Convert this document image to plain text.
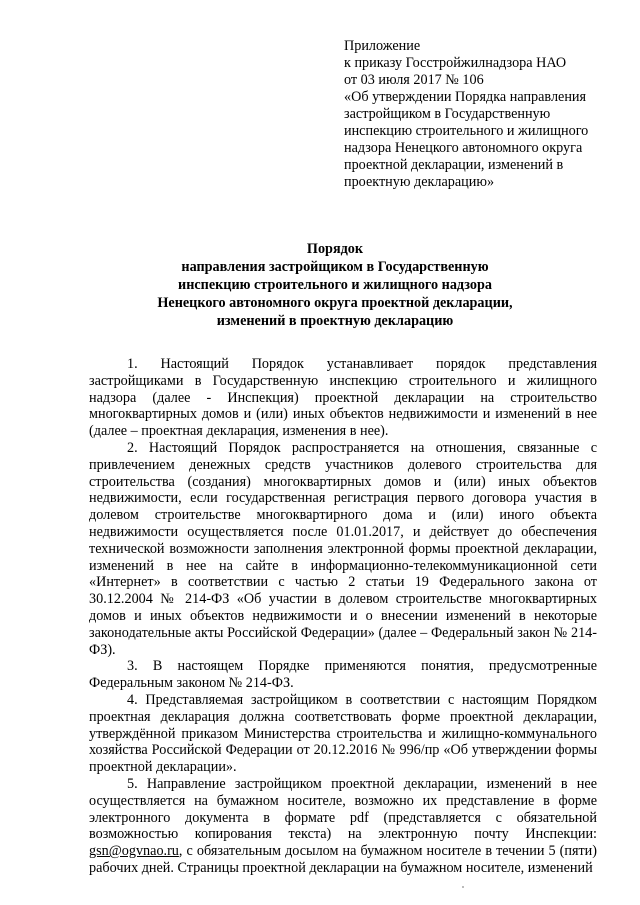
Приложение
к приказу Госстройжилнадзора НАО
от 03 июля 2017 № 106
«Об утверждении Порядка направления
застройщиком в Государственную
инспекцию строительного и жилищного
надзора Ненецкого автономного округа
проектной декларации, изменений в
проектную декларацию»
Порядок
направления застройщиком в Государственную
инспекцию строительного и жилищного надзора
Ненецкого автономного округа проектной декларации,
изменений в проектную декларацию

1. Настоящий Порядок устанавливает порядок представления застройщиками в Государственную инспекцию строительного и жилищного надзора (далее - Инспекция) проектной декларации на строительство многоквартирных домов и (или) иных объектов недвижимости и изменений в нее (далее – проектная декларация, изменения в нее).

2. Настоящий Порядок распространяется на отношения, связанные с привлечением денежных средств участников долевого строительства для строительства (создания) многоквартирных домов и (или) иных объектов недвижимости, если государственная регистрация первого договора участия в долевом строительстве многоквартирного дома и (или) иного объекта недвижимости осуществляется после 01.01.2017, и действует до обеспечения технической возможности заполнения электронной формы проектной декларации, изменений в нее на сайте в информационно-телекоммуникационной сети «Интернет» в соответствии с частью 2 статьи 19 Федерального закона от 30.12.2004 № 214-ФЗ «Об участии в долевом строительстве многоквартирных домов и иных объектов недвижимости и о внесении изменений в некоторые законодательные акты Российской Федерации» (далее – Федеральный закон № 214-ФЗ).

3. В настоящем Порядке применяются понятия, предусмотренные Федеральным законом № 214-ФЗ.

4. Представляемая застройщиком в соответствии с настоящим Порядком проектная декларация должна соответствовать форме проектной декларации, утверждённой приказом Министерства строительства и жилищно-коммунального хозяйства Российской Федерации от 20.12.2016 № 996/пр «Об утверждении формы проектной декларации».

5. Направление застройщиком проектной декларации, изменений в нее осуществляется на бумажном носителе, возможно их представление в форме электронного документа в формате pdf (представляется с обязательной возможностью копирования текста) на электронную почту Инспекции: gsn@ogvnao.ru, с обязательным досылом на бумажном носителе в течении 5 (пяти) рабочих дней. Страницы проектной декларации на бумажном носителе, изменений
